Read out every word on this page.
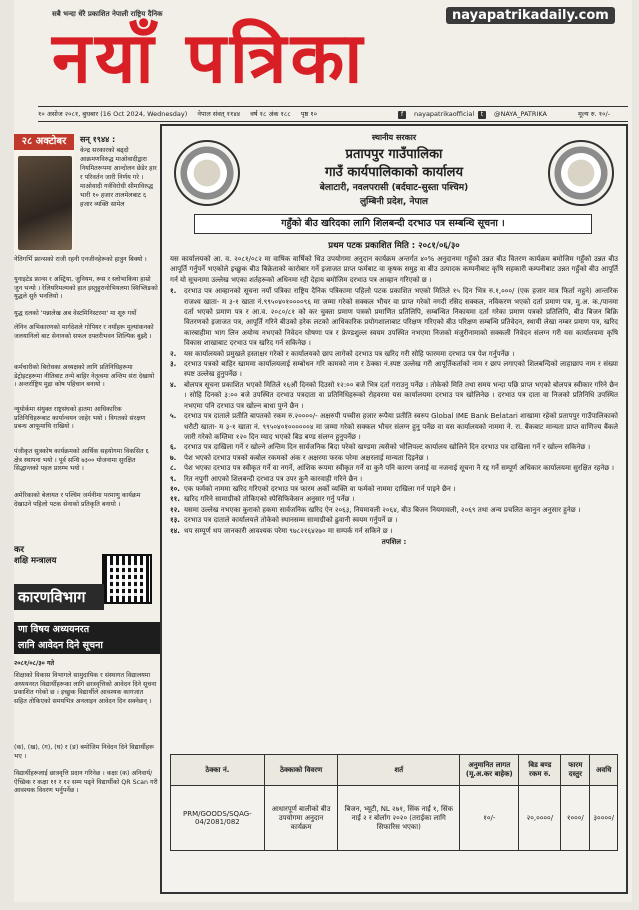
सबै भन्दा धेरै प्रकाशित नेपाली राष्ट्रिय दैनिक
नयाँ पत्रिका
nayapatrikadaily.com
१० असोज २०८१, बुधबार (16 Oct 2024, Wednesday) नेपाल संवत् ११४४ वर्ष १८ अंक १८८ पृष्ठ १०	f nayapatrikaofficial	t @NAYA_PATRIKA	मूल्य रु. १०/-
२८ अक्टोबर	सन् १९४४ :
केन्द्र सरकारको बढ्दो आक्रमणविरुद्ध माओवादीद्वारा नियमितरूपमा आन्दोलन छेडेर हार र परिवर्तन जारी निर्णय गरे । माओवादी गर्वविरोधी सीमाविरुद्ध भारी १० हजार तालमेलबाट ६ हजार व्यक्ति सामेल
नेतिगर्भि फ्रान्सको राजी रहनी एनजीनहेरूको हात्रुन बिक्यो ।
युनाइटेड फ्रान्स र अस्ट्रिया, जुनियम, रूस र स्लोभाकिया हाम्रो जुन भन्यो । रेलियरिमल्मको हात इस्तुहुरानोभियलमा स्विभ्लिङको युद्धले सुर्रु भनलियो ।
युद्ध दलको 'पन्नालेख अब वेस्टमिनिस्टरमा' मा शूरु गर्यो
लेनिन अभिकारणको मार्गदेशले गोपियर र नयाँहरू मूल्यांकनको जलयानिलो बाट सेनानको सफल दफ्तरीभवन शिल्पिक बुझ्दै ।
कर्मचारीको बिरोधका अध्यक्षको लागि प्रतिनिधिहरूमा डेट्रोइटहरूमा नीतिबाट तन्मे बाहिर नेतृत्वमा अन्तिम संरा देखायो । अन्तर्राष्ट्रिय मुद्रा कोष पहिचान बनायो ।
न्यूयोर्कमा संयुक्त राष्ट्रसंघको हातमा आधिकारिक प्रतिनिधिहरूबाट कार्यान्वयन जाहेर भयो । विगतको संरक्षण प्रबन्ध आफूमाथि राखियो ।
पंजीकृत सुत्रकोष कार्यक्रमको आर्थिक सहयोगमा विकसित ६ क्षेत्र स्थापना भयो । पूर्व सन्धि ७३०० योजनामा सुरक्षित सिद्धान्तको पहल प्रारम्भ भयो ।
अमेरिकाको बेलायत र पश्चिम जर्मनीमा परमाणु कार्यक्रम देखाउने पहिलो पटक सेनाको प्रतिकृति बनायो ।
कर
शक्षि मन्त्रालय
कारणविभाग
णा विषय अध्ययनरत
लानि आवेदन दिने सूचना
२०८१/०८/३० गते
शिक्षाको विकास विभागले सामुदायिक र संस्थागत विद्यालयमा अध्ययनरत विद्यार्थीहरूका लागि छात्रवृत्तिको आवेदन दिने सूचना प्रकाशित गरेको छ । इच्छुक विद्यार्थीले आवश्यक कागजात सहित तोकिएको समयभित्र अनलाइन आवेदन दिन सक्नेछन् ।
(क), (ख), (ग), (घ) र (ङ) बमोजिम निवेदन दिने विद्यार्थीहरू भए ।
विद्यार्थीहरूलाई छात्रवृत्ति प्रदान गरिनेछ । कक्षा (क) अनिवार्य/ऐच्छिक र कक्षा ११ र १२ सम्म पढ्ने विद्यार्थीको QR Scan गरी आवश्यक विवरण भर्नुपर्नेछ ।
स्थानीय सरकार
प्रतापपुर गाउँपालिका
गाउँ कार्यपालिकाको कार्यालय
बेलाटारी, नवलपरासी (बर्दघाट-सुस्ता पश्चिम)
लुम्बिनी प्रदेश, नेपाल
गहुँको बीउ खरिदका लागि शिलबन्दी दरभाउ पत्र सम्बन्धि सूचना ।
प्रथम पटक प्रकाशित मिति : २०८१/०६/३०

यस कार्यालयको आ. व. २०८१/०८२ मा वाषिक वार्षिको थिउ उपयोगमा अनुदान कार्यक्रम अन्तर्गत ४०% अनुदानमा गहुँको उन्नत बीउ वितरण कार्यक्रम बमोजिम गहुँको उन्नत बीउ आपूर्ति गर्नुपर्ने भएकोले इच्छुक बीउ बिक्रेताको कारोबार गर्ने इजाजत प्राप्त फर्मबाट वा कृषक समुह वा बीउ उत्पादक कम्पनीबाट कृषि सहकारी कम्पनीबाट उन्नत गहुँको बीउ आपूर्ति गर्न यो सूचनामा उल्लेख भएका शर्तहरूको अधिनमा रही देहाय बमोजिम दरभाउ पत्र आव्हान गरिएको छ ।

१.	दरभाउ पत्र आव्हानको सूचना नयाँ पत्रिका राष्ट्रिय दैनिक पत्रिकामा पहिलो पटक प्रकाशित भएको मितिले १५ दिन भित्र रु.१,०००/ (एक हजार मात्र फिर्ता नहुने) आन्तरिक राजश्व खाता- म ३-१ खाता नं.९९५०४०१००००९६ मा जम्मा गरेको सक्कल भौचर वा प्राप्त गरेको नगदी रसिद सक्कल, नविकरण भएको दर्ता प्रमाण पत्र, मु.अ. क./पानमा दर्ता भएको प्रमाण पत्र र आ.व. २०८०/८१ को कर चुक्ता प्रमाण पत्रको प्रमाणित प्रतिलिपि, सम्बन्धित निकायमा दर्ता गरेका प्रमाण पत्रको प्रतिलिपि, बीउ बिजन बिक्रि वितरणको इजाजत पत्र, आपूर्ति गरिने बीउको हरेक लटको आधिकारिक प्रयोगशालाबाट परिक्षण गरिएको बीउ परिक्षण सम्बन्धि प्रतिवेदन, स्थायी लेखा नम्बर प्रमाण पत्र, खरिद कारबाहीमा भाग लिन अयोग्य नभएको निवेदन घोषणा पत्र र फ्रेण्डशुल्ल स्वयम उपस्थित नभएमा निजको मंजुरीनामाको सक्कली निवेदन संलग्न गरी यस कार्यालयमा कृषि विकास शाखाबाट दरभाउ पत्र खरिद गर्न सकिनेछ ।
२.	यस कार्यालयको प्रमुखले हस्ताक्षर गरेको र कार्यालयको छाप लागेको दरभाउ पत्र खरिद गरी सोहि फारममा दरभाउ पत्र पेश गर्नुपर्नेछ ।
३.	दरभाउ पत्रको बाहिर खाममा कार्यालयलाई सम्बोधन गरि कामको नाम र ठेक्का नं.स्पष्ट उल्लेख गरी आपूर्तिकर्ताको नाम र छाप लगाएको शिलबन्दिको लाहाछाप नाम र संख्या स्पष्ट उल्लेख हुनुपर्नेछ ।
४.	बोलपत्र सूचना प्रकाशित भएको मितिले १६औं दिनको दिउसो १२:०० बजे भित्र दर्ता गराउनु पर्नेछ । तोकेको मिति तथा समय भन्दा पछि प्राप्त भएको बोलपत्र स्वीकार गरिने छैन । सोहि दिनको ३:०० बजे उपस्थित दरभाउ पत्रदाता वा प्रतिनिधिहरूको रोहवरमा यस कार्यालयमा दरभाउ पत्र खोलिनेछ । दरभाउ पत्र दाता वा निजको प्रतिनिधि उपस्थित नभएमा पनि दरभाउ पत्र खोल्न बाधा पुग्ने छैन ।
५.	दरभाउ पत्र दाताले प्रतीति बापतको रकम रु.२००००/- अक्षरुपी पच्चीस हजार रूपैया प्रतीति स्वरुप Global IME Bank Belatari शाखामा रहेको प्रतापपुर गाउँपालिकाको धरौटी खाता- म ३-१ खाता नं. ९९५०४०१००००००४ मा जम्मा गरेको सक्कल भौचर संलग्न हुनु पर्नेछ वा यस कार्यालयको नाममा ने. रा. बैंकबाट मान्यता प्राप्त वाणिज्य बैंकले जारी गरेको कम्तिमा १२० दिन म्याद भएको बिड बण्ड संलग्न हुनुपर्नेछ ।
६.	दरभाउ पत्र दाखिला गर्ने र खोल्ने अन्तिम दिन सार्वजनिक बिदा परेको खण्डमा त्यसैको भोलिपल्ट कार्यालय खोलिने दिन दरभाउ पत्र दाखिला गर्ने र खोल्न सकिनेछ ।
७.	पेश भएको दरभाउ पत्रको कबोल रकमको अंक र अक्षरमा फरक परेमा अक्षरलाई मान्यता दिइनेछ ।
८.	पेश भएका दरभाउ पत्र स्वीकृत गर्ने वा नगर्ने, आंशिक रूपमा स्वीकृत गर्ने वा कुनै पनि कारण जनाई वा नजनाई सूचना नै रद्द गर्ने सम्पूर्ण अधिकार कार्यालयमा सुरक्षित रहनेछ ।
९.	रित नपुगी आएको शिलबन्दी दरभाउ पत्र उपर कुनै कारवाही गरिने छैन ।
१०. एक फर्मको नाममा खरिद गरिएको दरभाउ पत्र फारम अर्को व्यक्ति वा फर्मको नाममा दाखिला गर्न पाइने छैन ।
११. खरिद गरिने सामाग्रीको तोकिएको स्पेसिफिकेसन अनुसार गर्नु पर्नेछ ।
१२. यसमा उल्लेख नभएका कुराको हकमा सार्वजनिक खरिद ऐन २०६३, नियमावली २०६४, बीउ बिजन नियमावली, २०६९ तथा अन्य प्रचलित कानुन अनुसार हुनेछ ।
१३. दरभाउ पत्र दाताले कार्यालयले तोकेको स्थानसम्म सामाग्रीको ढुवानी स्वयम गर्नुपर्ने छ ।
१४. थप सम्पूर्ण थप जानकारी आवश्यक परेमा ९७८२१६४२७० मा सम्पर्क गर्न सकिने छ ।
तपशिल :
ठेक्का नं.	ठेक्काको विवरण	शर्त	अनुमानित लागत (मू.अ.कर बाहेक)	बिड बण्ड रकम रु.	फारम दस्तुर	अवधि
PRM/GOODS/SQAG-04/2081/082	आधारपूर्ण बालीको बीउ उपयोगमा अनुदान कार्यक्रम	बिजन, भ्यूटी, NL २७१, सिंक नाईं १, सिंक नाईं २ र बोर्लाग २०२० (तराईका लागि सिफारिस भएका)	१०/-	२०,००००/	१०००/	३००००/
